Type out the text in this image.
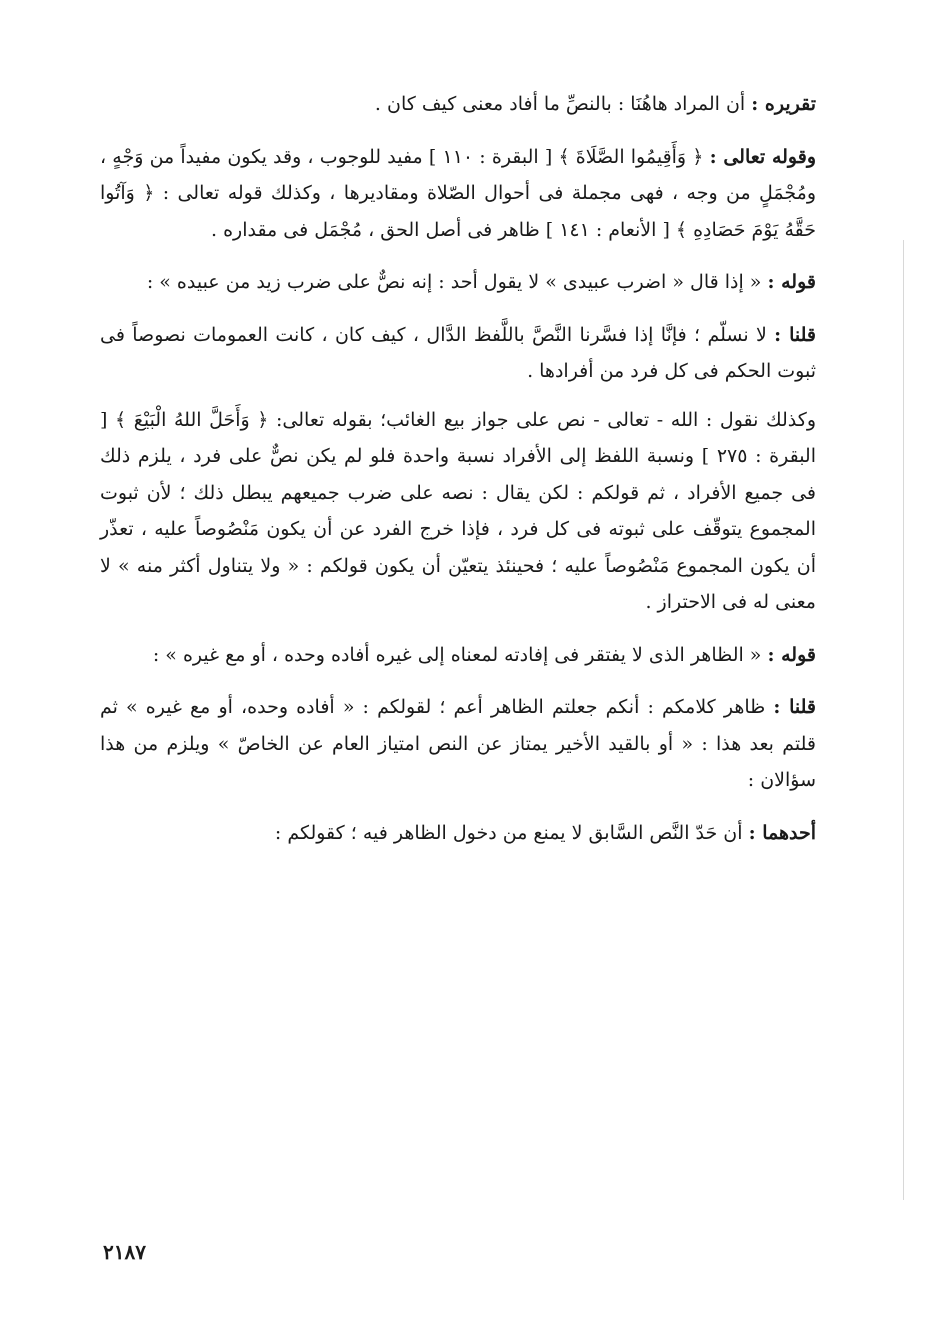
تقريره : أن المراد هاهُنَا : بالنصِّ ما أفاد معنى كيف كان .

وقوله تعالى : ﴿ وَأَقِيمُوا الصَّلَاةَ ﴾ [ البقرة : ١١٠ ] مفيد للوجوب ، وقد يكون مفيداً من وَجْهٍ ، ومُجْمَلٍ من وجه ، فهى مجملة فى أحوال الصّلاة ومقاديرها ، وكذلك قوله تعالى : ﴿ وَآتُوا حَقَّهُ يَوْمَ حَصَادِهِ ﴾ [ الأنعام : ١٤١ ] ظاهر فى أصل الحق ، مُجْمَل فى مقداره .

قوله : « إذا قال « اضرب عبيدى » لا يقول أحد : إنه نصٌّ على ضرب زيد من عبيده » :

قلنا : لا نسلّم ؛ فإنَّا إذا فسَّرنا النَّصَّ باللَّفظ الدَّال ، كيف كان ، كانت العمومات نصوصاً فى ثبوت الحكم فى كل فرد من أفرادها .

وكذلك نقول : الله - تعالى - نص على جواز بيع الغائب؛ بقوله تعالى: ﴿ وَأَحَلَّ اللهُ الْبَيْعَ ﴾ [ البقرة : ٢٧٥ ] ونسبة اللفظ إلى الأفراد نسبة واحدة فلو لم يكن نصٌّ على فرد ، يلزم ذلك فى جميع الأفراد ، ثم قولكم : لكن يقال : نصه على ضرب جميعهم يبطل ذلك ؛ لأن ثبوت المجموع يتوقّف على ثبوته فى كل فرد ، فإذا خرج الفرد عن أن يكون مَنْصُوصاً عليه ، تعذّر أن يكون المجموع مَنْصُوصاً عليه ؛ فحينئذ يتعيّن أن يكون قولكم : « ولا يتناول أكثر منه » لا معنى له فى الاحتراز .

قوله : « الظاهر الذى لا يفتقر فى إفادته لمعناه إلى غيره أفاده وحده ، أو مع غيره » :

قلنا : ظاهر كلامكم : أنكم جعلتم الظاهر أعم ؛ لقولكم : « أفاده وحده، أو مع غيره » ثم قلتم بعد هذا : « أو بالقيد الأخير يمتاز عن النص امتياز العام عن الخاصّ » ويلزم من هذا سؤالان :

أحدهما : أن حَدّ النَّص السَّابق لا يمنع من دخول الظاهر فيه ؛ كقولكم :

٢١٨٧
